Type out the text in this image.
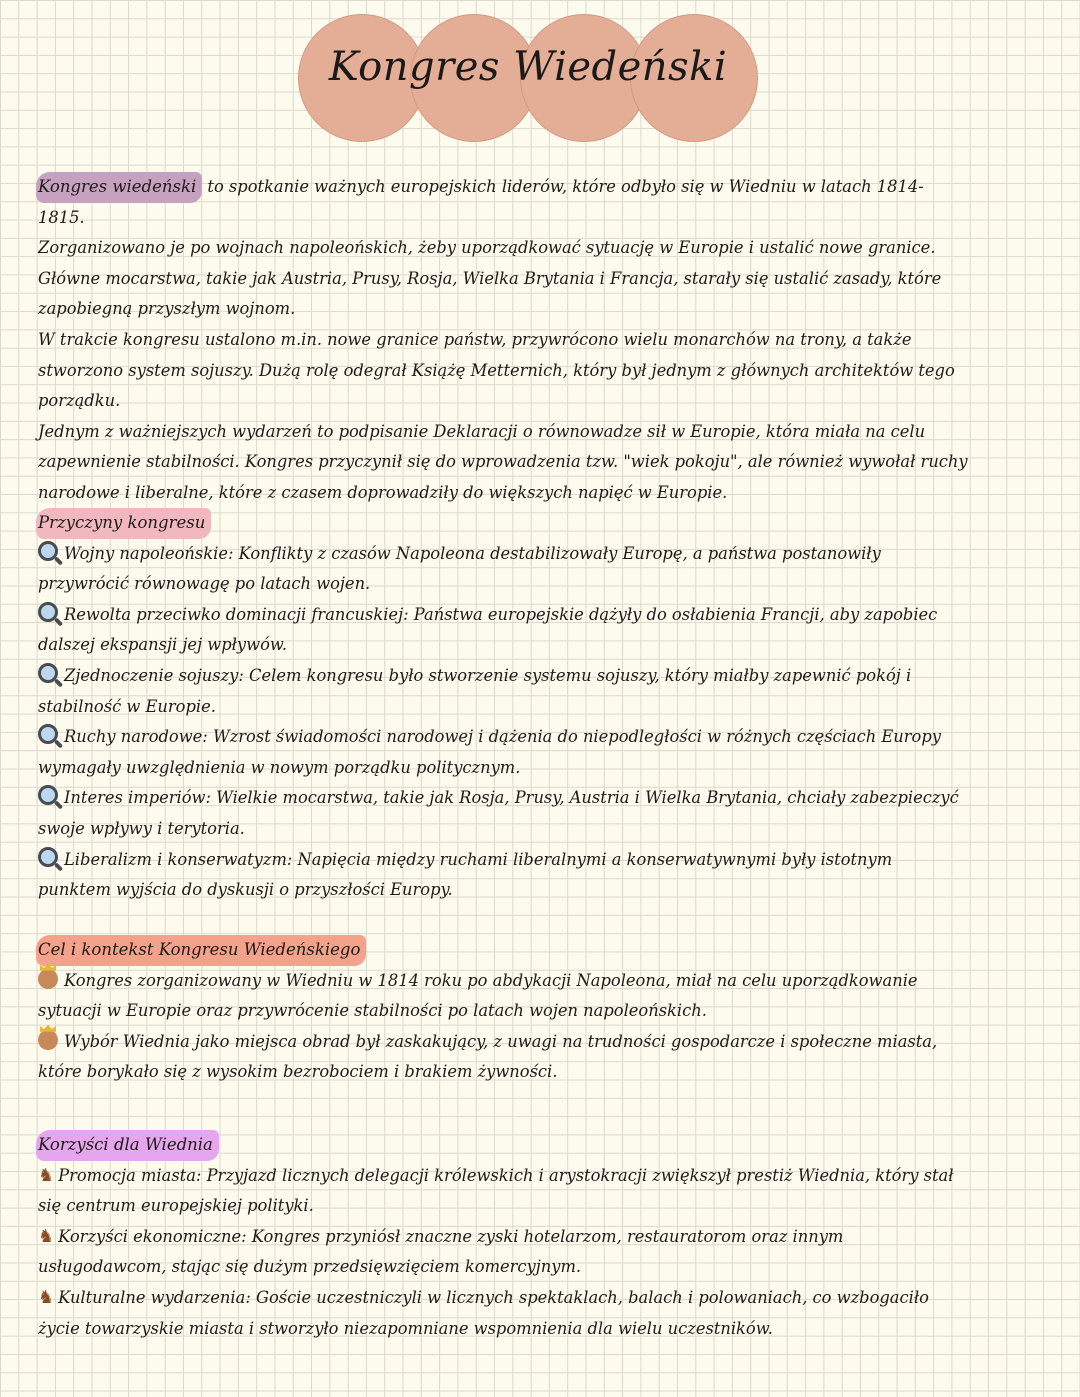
Kongres Wiedeński

Kongres wiedeński to spotkanie ważnych europejskich liderów, które odbyło się w Wiedniu w latach 1814-1815.

Zorganizowano je po wojnach napoleońskich, żeby uporządkować sytuację w Europie i ustalić nowe granice.

Główne mocarstwa, takie jak Austria, Prusy, Rosja, Wielka Brytania i Francja, starały się ustalić zasady, które zapobiegną przyszłym wojnom.

W trakcie kongresu ustalono m.in. nowe granice państw, przywrócono wielu monarchów na trony, a także stworzono system sojuszy. Dużą rolę odegrał Książę Metternich, który był jednym z głównych architektów tego porządku.

Jednym z ważniejszych wydarzeń to podpisanie Deklaracji o równowadze sił w Europie, która miała na celu zapewnienie stabilności. Kongres przyczynił się do wprowadzenia tzw. "wiek pokoju", ale również wywołał ruchy narodowe i liberalne, które z czasem doprowadziły do większych napięć w Europie.

Przyczyny kongresu

Wojny napoleońskie: Konflikty z czasów Napoleona destabilizowały Europę, a państwa postanowiły przywrócić równowagę po latach wojen.

Rewolta przeciwko dominacji francuskiej: Państwa europejskie dążyły do osłabienia Francji, aby zapobiec dalszej ekspansji jej wpływów.

Zjednoczenie sojuszy: Celem kongresu było stworzenie systemu sojuszy, który miałby zapewnić pokój i stabilność w Europie.

Ruchy narodowe: Wzrost świadomości narodowej i dążenia do niepodległości w różnych częściach Europy wymagały uwzględnienia w nowym porządku politycznym.

Interes imperiów: Wielkie mocarstwa, takie jak Rosja, Prusy, Austria i Wielka Brytania, chciały zabezpieczyć swoje wpływy i terytoria.

Liberalizm i konserwatyzm: Napięcia między ruchami liberalnymi a konserwatywnymi były istotnym punktem wyjścia do dyskusji o przyszłości Europy.

Cel i kontekst Kongresu Wiedeńskiego

Kongres zorganizowany w Wiedniu w 1814 roku po abdykacji Napoleona, miał na celu uporządkowanie sytuacji w Europie oraz przywrócenie stabilności po latach wojen napoleońskich.

Wybór Wiednia jako miejsca obrad był zaskakujący, z uwagi na trudności gospodarcze i społeczne miasta, które borykało się z wysokim bezrobociem i brakiem żywności.

Korzyści dla Wiednia

♞ Promocja miasta: Przyjazd licznych delegacji królewskich i arystokracji zwiększył prestiż Wiednia, który stał się centrum europejskiej polityki.

♞ Korzyści ekonomiczne: Kongres przyniósł znaczne zyski hotelarzom, restauratorom oraz innym usługodawcom, stając się dużym przedsięwzięciem komercyjnym.

♞ Kulturalne wydarzenia: Goście uczestniczyli w licznych spektaklach, balach i polowaniach, co wzbogaciło życie towarzyskie miasta i stworzyło niezapomniane wspomnienia dla wielu uczestników.
